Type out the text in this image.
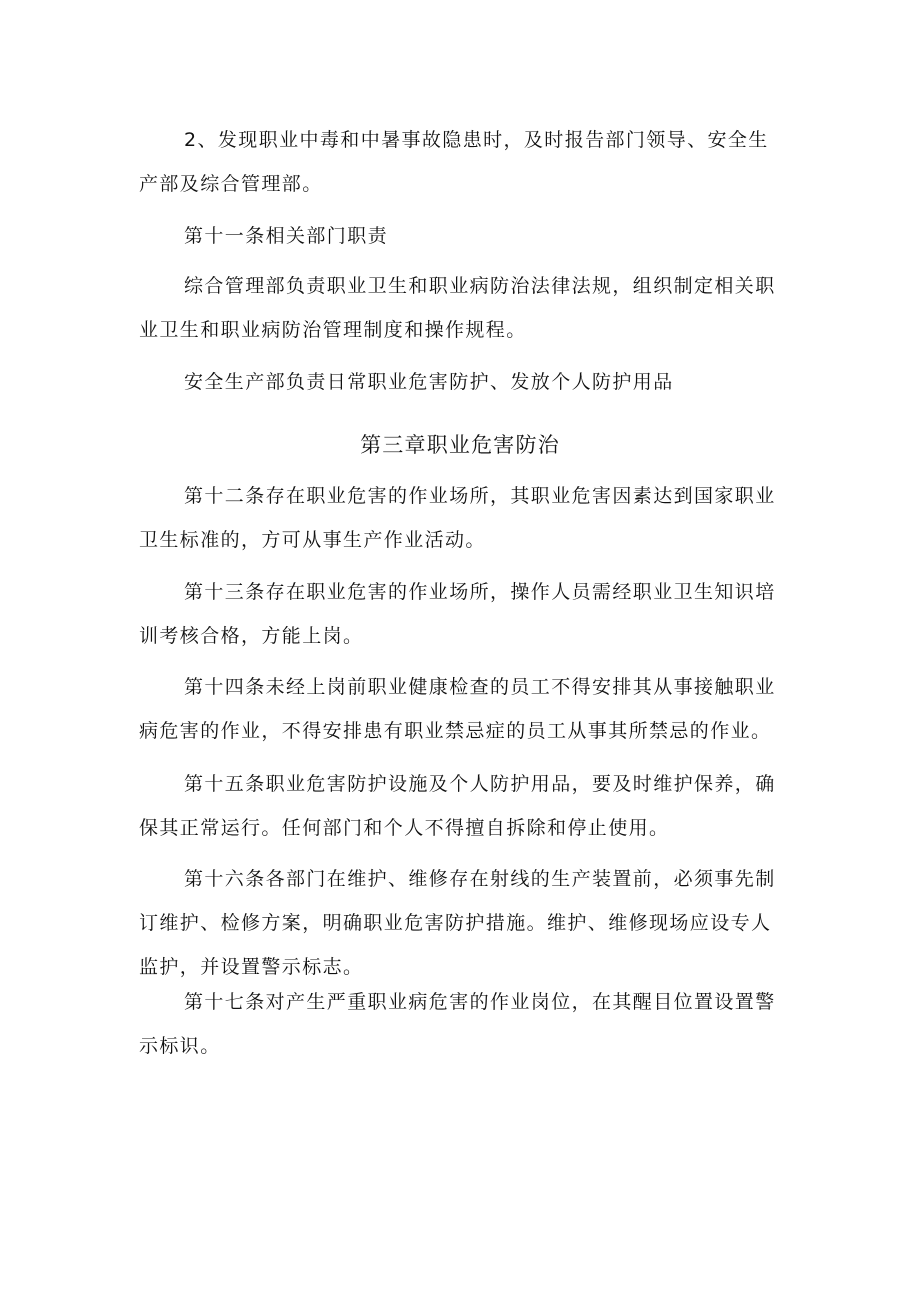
2、发现职业中毒和中暑事故隐患时，及时报告部门领导、安全生产部及综合管理部。

第十一条相关部门职责

综合管理部负责职业卫生和职业病防治法律法规，组织制定相关职业卫生和职业病防治管理制度和操作规程。

安全生产部负责日常职业危害防护、发放个人防护用品

第三章职业危害防治

第十二条存在职业危害的作业场所，其职业危害因素达到国家职业卫生标准的，方可从事生产作业活动。

第十三条存在职业危害的作业场所，操作人员需经职业卫生知识培训考核合格，方能上岗。

第十四条未经上岗前职业健康检查的员工不得安排其从事接触职业病危害的作业，不得安排患有职业禁忌症的员工从事其所禁忌的作业。

第十五条职业危害防护设施及个人防护用品，要及时维护保养，确保其正常运行。任何部门和个人不得擅自拆除和停止使用。

第十六条各部门在维护、维修存在射线的生产装置前，必须事先制订维护、检修方案，明确职业危害防护措施。维护、维修现场应设专人监护，并设置警示标志。

第十七条对产生严重职业病危害的作业岗位，在其醒目位置设置警示标识。
